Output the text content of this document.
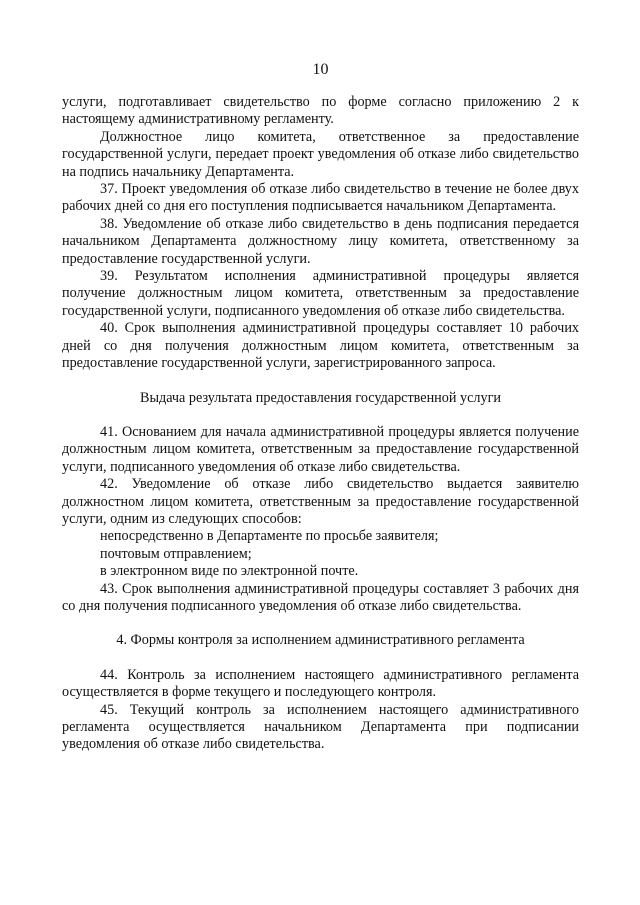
10

услуги, подготавливает свидетельство по форме согласно приложению 2 к настоящему административному регламенту.

Должностное лицо комитета, ответственное за предоставление государственной услуги, передает проект уведомления об отказе либо свидетельство на подпись начальнику Департамента.

37. Проект уведомления об отказе либо свидетельство в течение не более двух рабочих дней со дня его поступления подписывается начальником Департамента.

38. Уведомление об отказе либо свидетельство в день подписания передается начальником Департамента должностному лицу комитета, ответственному за предоставление государственной услуги.

39. Результатом исполнения административной процедуры является получение должностным лицом комитета, ответственным за предоставление государственной услуги, подписанного уведомления об отказе либо свидетельства.

40. Срок выполнения административной процедуры составляет 10 рабочих дней со дня получения должностным лицом комитета, ответственным за предоставление государственной услуги, зарегистрированного запроса.

Выдача результата предоставления государственной услуги

41. Основанием для начала административной процедуры является получение должностным лицом комитета, ответственным за предоставление государственной услуги, подписанного уведомления об отказе либо свидетельства.

42. Уведомление об отказе либо свидетельство выдается заявителю должностном лицом комитета, ответственным за предоставление государственной услуги, одним из следующих способов:

непосредственно в Департаменте по просьбе заявителя;
почтовым отправлением;
в электронном виде по электронной почте.

43. Срок выполнения административной процедуры составляет 3 рабочих дня со дня получения подписанного уведомления об отказе либо свидетельства.

4. Формы контроля за исполнением административного регламента

44. Контроль за исполнением настоящего административного регламента осуществляется в форме текущего и последующего контроля.

45. Текущий контроль за исполнением настоящего административного регламента осуществляется начальником Департамента при подписании уведомления об отказе либо свидетельства.
